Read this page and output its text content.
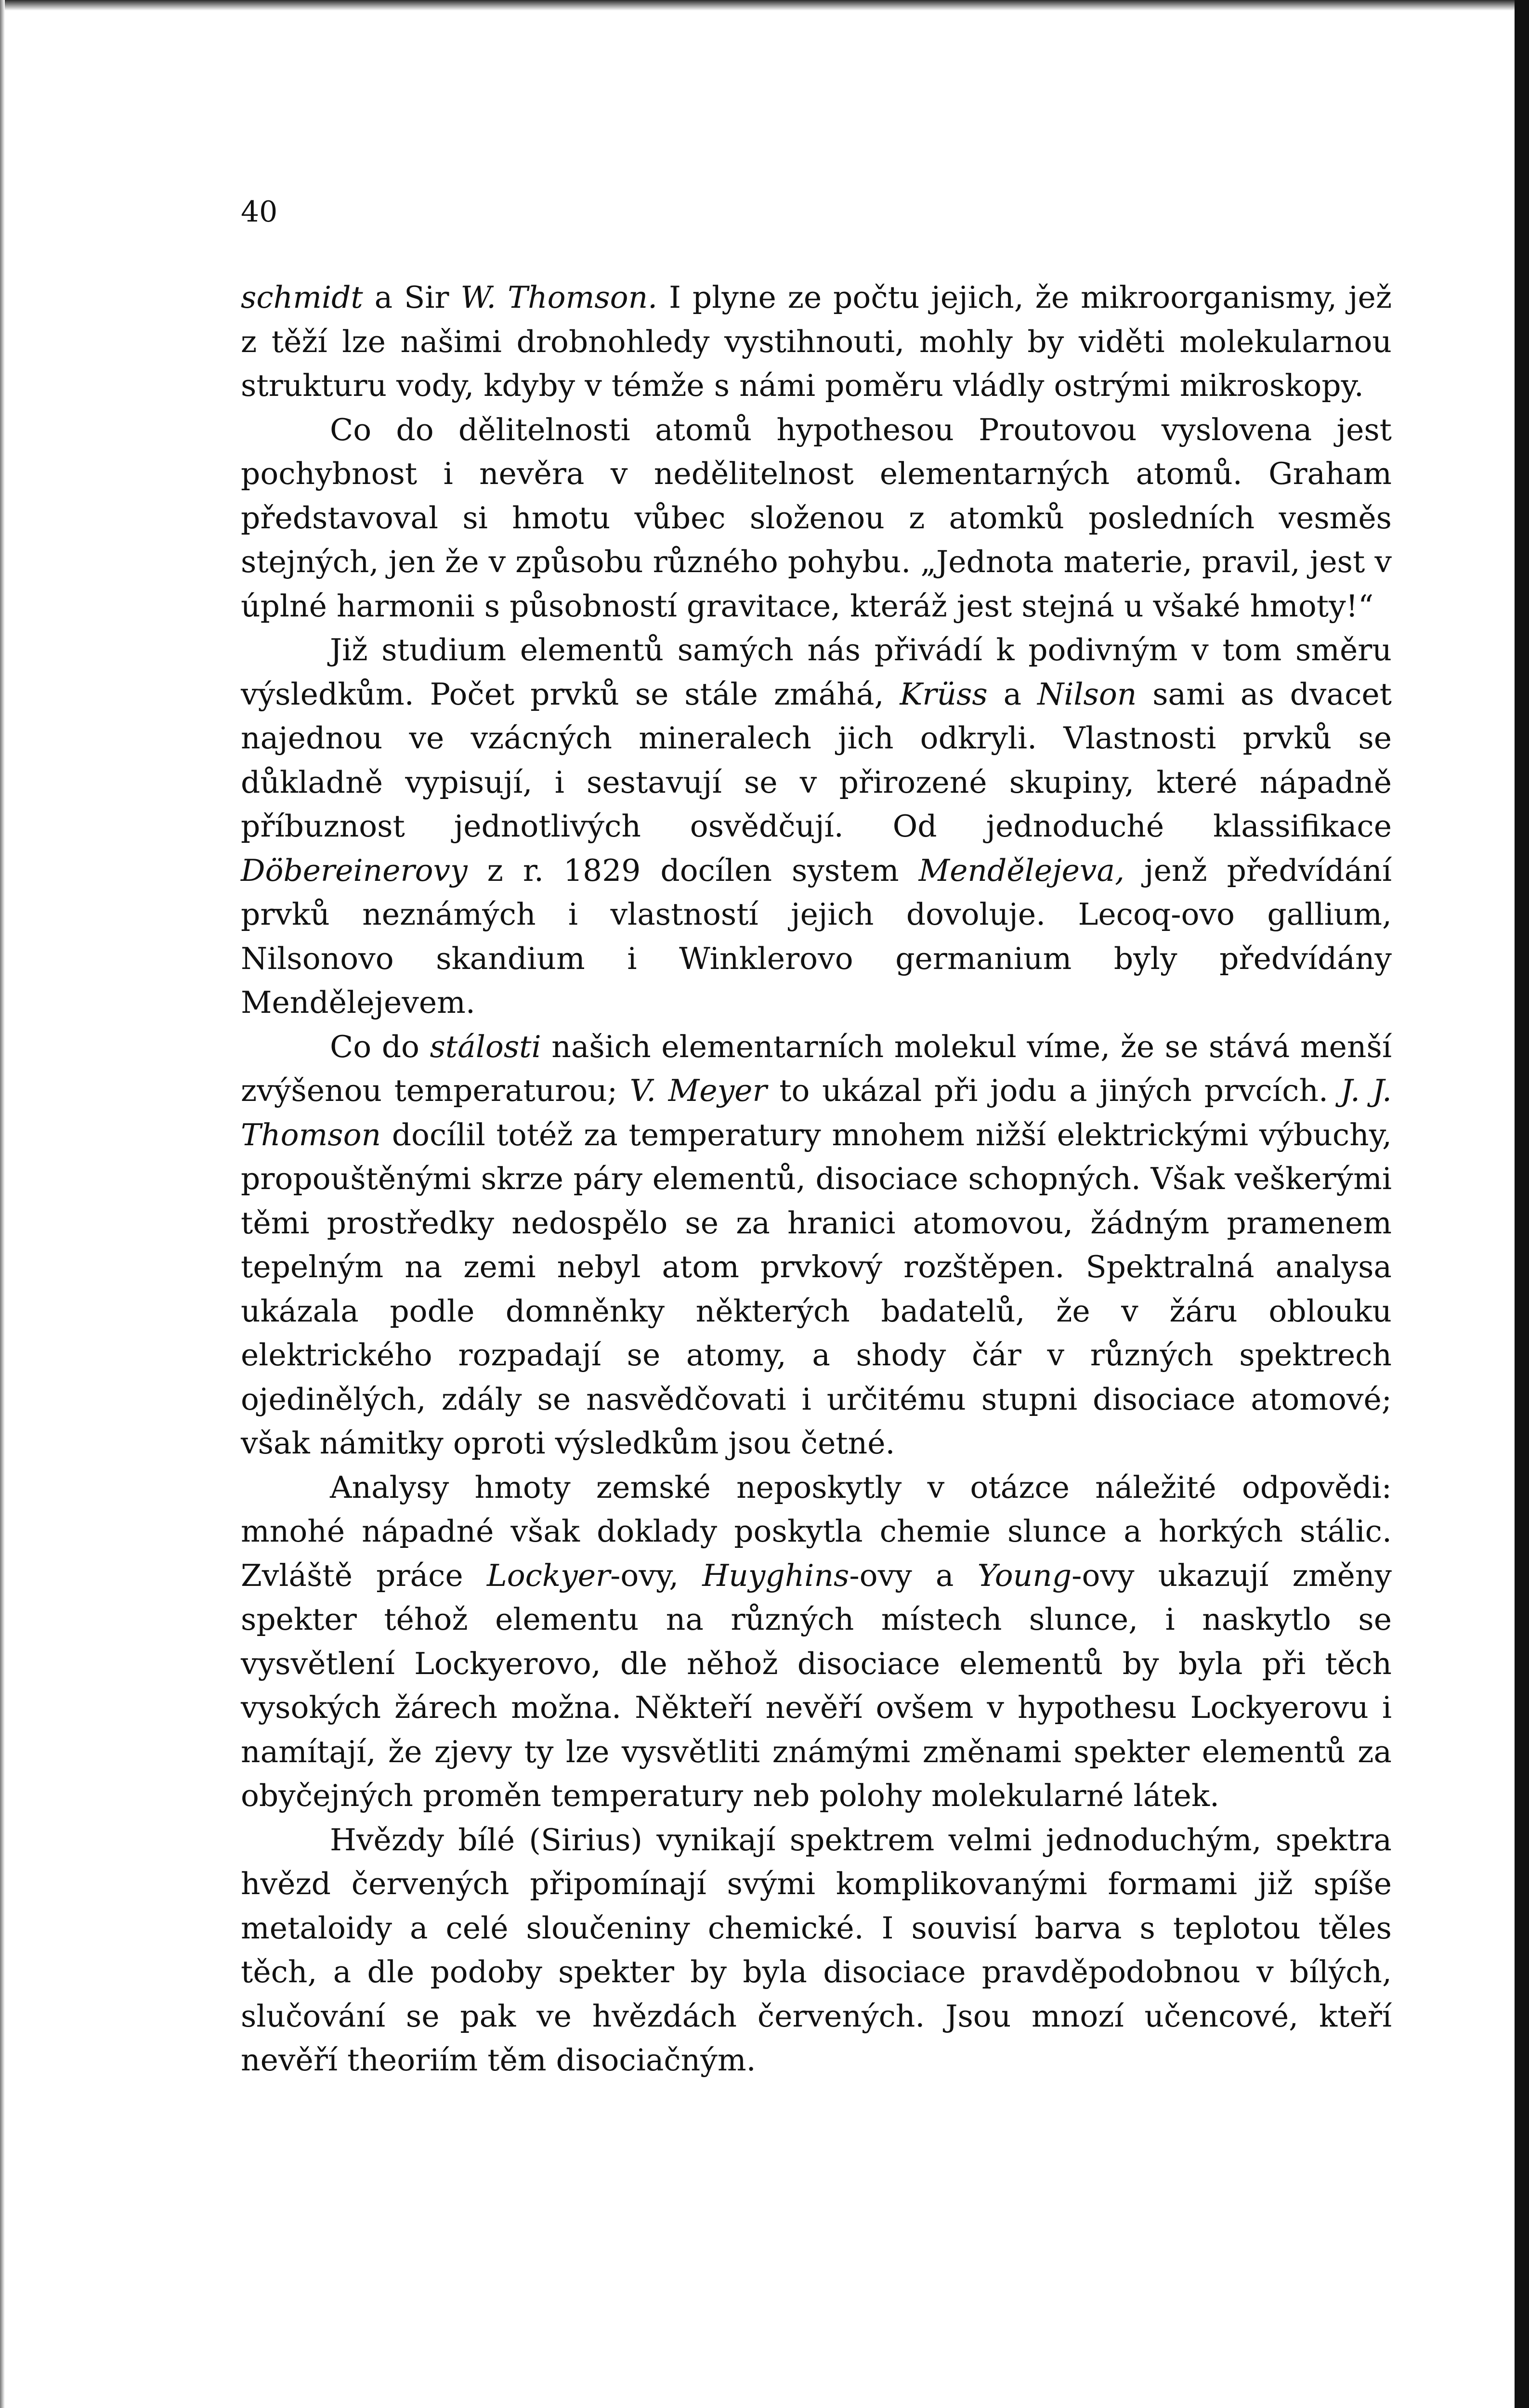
40

schmidt a Sir W. Thomson. I plyne ze počtu jejich, že mikroorganismy, jež z těží lze našimi drobnohledy vystihnouti, mohly by viděti molekularnou strukturu vody, kdyby v témže s námi poměru vládly ostrými mikroskopy.

Co do dělitelnosti atomů hypothesou Proutovou vyslovena jest pochybnost i nevěra v nedělitelnost elementarných atomů. Graham představoval si hmotu vůbec složenou z atomků posledních vesměs stejných, jen že v způsobu různého pohybu. „Jednota materie, pravil, jest v úplné harmonii s působností gravitace, kteráž jest stejná u všaké hmoty!“

Již studium elementů samých nás přivádí k podivným v tom směru výsledkům. Počet prvků se stále zmáhá, Krüss a Nilson sami as dvacet najednou ve vzácných mineralech jich odkryli. Vlastnosti prvků se důkladně vypisují, i sestavují se v přirozené skupiny, které nápadně příbuznost jednotlivých osvědčují. Od jednoduché klassifikace Döbereinerovy z r. 1829 docílen system Mendělejeva, jenž předvídání prvků neznámých i vlastností jejich dovoluje. Lecoq-ovo gallium, Nilsonovo skandium i Winklerovo germanium byly předvídány Mendělejevem.

Co do stálosti našich elementarních molekul víme, že se stává menší zvýšenou temperaturou; V. Meyer to ukázal při jodu a jiných prvcích. J. J. Thomson docílil totéž za temperatury mnohem nižší elektrickými výbuchy, propouštěnými skrze páry elementů, disociace schopných. Však veškerými těmi prostředky nedospělo se za hranici atomovou, žádným pramenem tepelným na zemi nebyl atom prvkový rozštěpen. Spektralná analysa ukázala podle domněnky některých badatelů, že v žáru oblouku elektrického rozpadají se atomy, a shody čár v různých spektrech ojedinělých, zdály se nasvědčovati i určitému stupni disociace atomové; však námitky oproti výsledkům jsou četné.

Analysy hmoty zemské neposkytly v otázce náležité odpovědi: mnohé nápadné však doklady poskytla chemie slunce a horkých stálic. Zvláště práce Lockyer-ovy, Huyghins-ovy a Young-ovy ukazují změny spekter téhož elementu na různých místech slunce, i naskytlo se vysvětlení Lockyerovo, dle něhož disociace elementů by byla při těch vysokých žárech možna. Někteří nevěří ovšem v hypothesu Lockyerovu i namítají, že zjevy ty lze vysvětliti známými změnami spekter elementů za obyčejných proměn temperatury neb polohy molekularné látek.

Hvězdy bílé (Sirius) vynikají spektrem velmi jednoduchým, spektra hvězd červených připomínají svými komplikovanými formami již spíše metaloidy a celé sloučeniny chemické. I souvisí barva s teplotou těles těch, a dle podoby spekter by byla disociace pravděpodobnou v bílých, slučování se pak ve hvězdách červených. Jsou mnozí učencové, kteří nevěří theoriím těm disociačným.
